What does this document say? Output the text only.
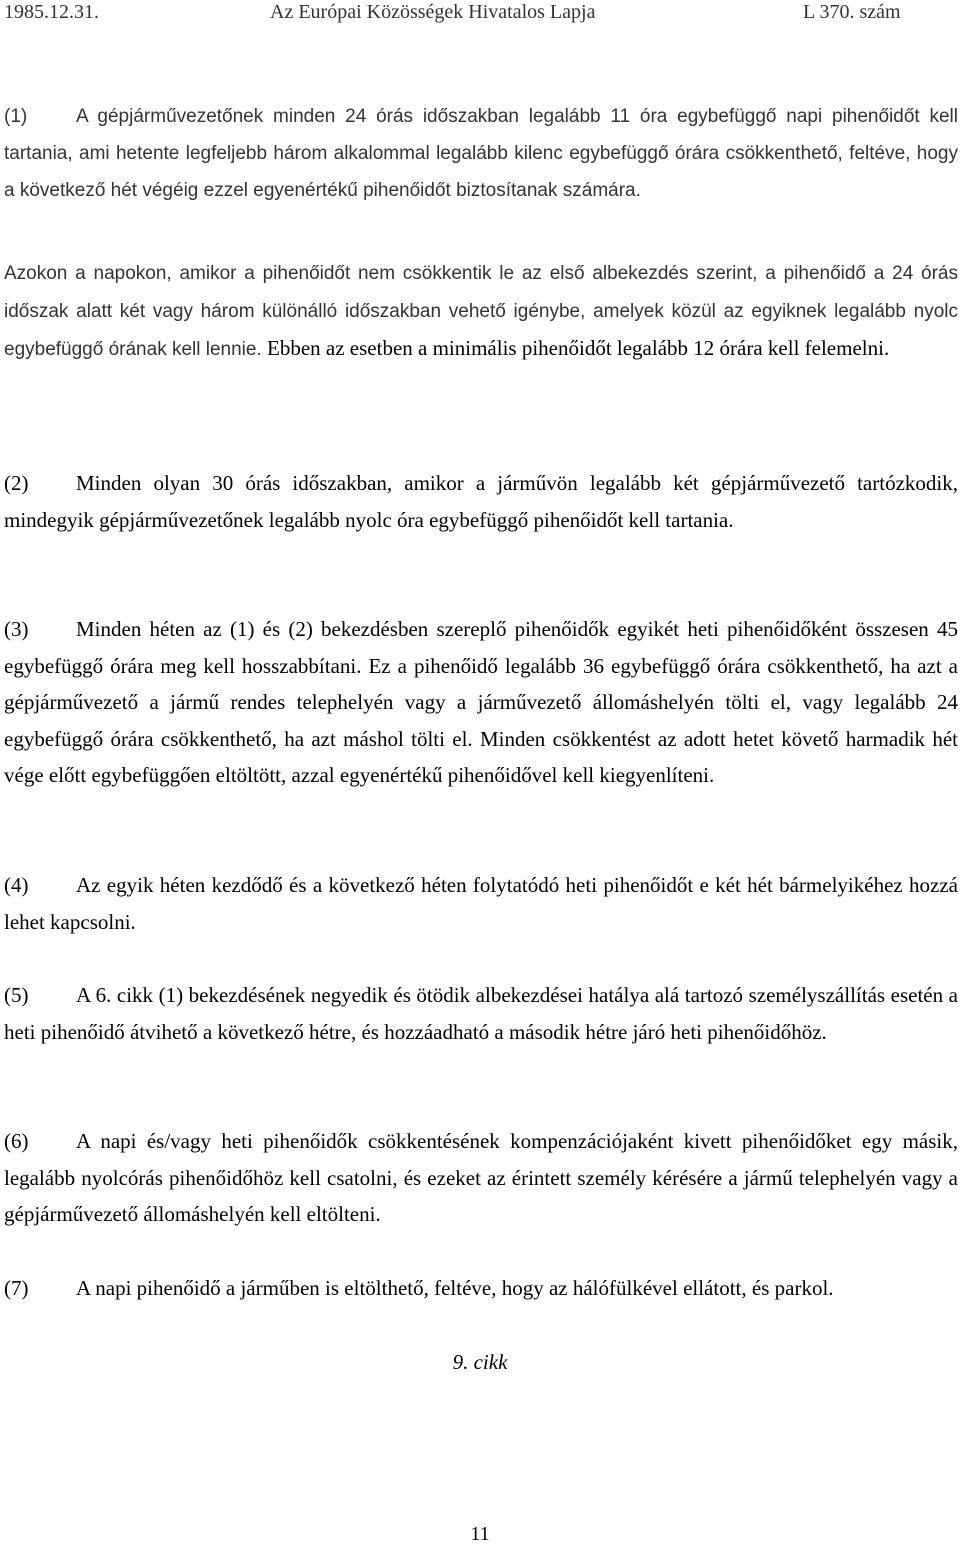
1985.12.31.	Az Európai Közösségek Hivatalos Lapja	L 370. szám

(1)	A gépjárművezetőnek minden 24 órás időszakban legalább 11 óra egybefüggő napi pihenőidőt kell tartania, ami hetente legfeljebb három alkalommal legalább kilenc egybefüggő órára csökkenthető, feltéve, hogy a következő hét végéig ezzel egyenértékű pihenőidőt biztosítanak számára.

Azokon a napokon, amikor a pihenőidőt nem csökkentik le az első albekezdés szerint, a pihenőidő a 24 órás időszak alatt két vagy három különálló időszakban vehető igénybe, amelyek közül az egyiknek legalább nyolc egybefüggő órának kell lennie. Ebben az esetben a minimális pihenőidőt legalább 12 órára kell felemelni.

(2) Minden olyan 30 órás időszakban, amikor a járművön legalább két gépjárművezető tartózkodik, mindegyik gépjárművezetőnek legalább nyolc óra egybefüggő pihenőidőt kell tartania.

(3) Minden héten az (1) és (2) bekezdésben szereplő pihenőidők egyikét heti pihenőidőként összesen 45 egybefüggő órára meg kell hosszabbítani. Ez a pihenőidő legalább 36 egybefüggő órára csökkenthető, ha azt a gépjárművezető a jármű rendes telephelyén vagy a járművezető állomáshelyén tölti el, vagy legalább 24 egybefüggő órára csökkenthető, ha azt máshol tölti el. Minden csökkentést az adott hetet követő harmadik hét vége előtt egybefüggően eltöltött, azzal egyenértékű pihenőidővel kell kiegyenlíteni.

(4) Az egyik héten kezdődő és a következő héten folytatódó heti pihenőidőt e két hét bármelyikéhez hozzá lehet kapcsolni.

(5) A 6. cikk (1) bekezdésének negyedik és ötödik albekezdései hatálya alá tartozó személyszállítás esetén a heti pihenőidő átvihető a következő hétre, és hozzáadható a második hétre járó heti pihenőidőhöz.

(6) A napi és/vagy heti pihenőidők csökkentésének kompenzációjaként kivett pihenőidőket egy másik, legalább nyolcórás pihenőidőhöz kell csatolni, és ezeket az érintett személy kérésére a jármű telephelyén vagy a gépjárművezető állomáshelyén kell eltölteni.

(7) A napi pihenőidő a járműben is eltölthető, feltéve, hogy az hálófülkével ellátott, és parkol.

9. cikk
11
